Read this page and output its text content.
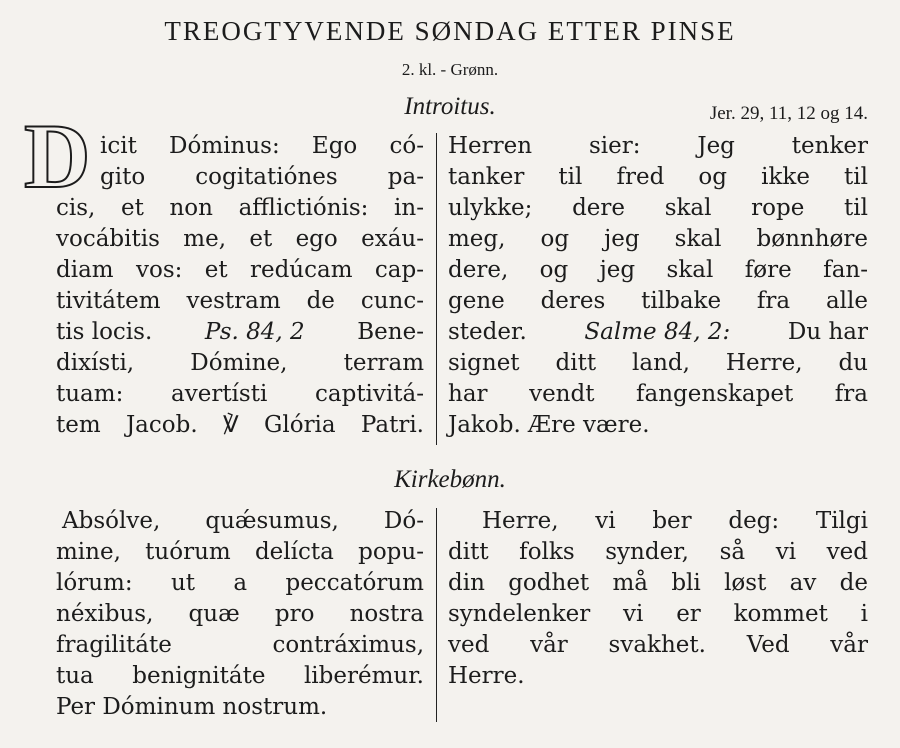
TREOGTYVENDE SØNDAG ETTER PINSE
2. kl. - Grønn.
Introitus.	Jer. 29, 11, 12 og 14.
D icit Dóminus: Ego có-
gito cogitatiónes pa-
cis, et non afflictiónis: in-
vocábitis me, et ego exáu-
diam vos: et redúcam cap-
tivitátem vestram de cunc-
tis locis. Ps. 84, 2 Bene-
dixísti, Dómine, terram
tuam: avertísti captivitá-
tem Jacob. ℣ Glória Patri.
Herren sier: Jeg tenker
tanker til fred og ikke til
ulykke; dere skal rope til
meg, og jeg skal bønnhøre
dere, og jeg skal føre fan-
gene deres tilbake fra alle
steder.	Salme 84, 2:	Du har
signet ditt land, Herre, du
har vendt fangenskapet fra
Jakob. Ære være.
Kirkebønn.
Absólve, quǽsumus, Dó-
mine, tuórum delícta popu-
lórum: ut a peccatórum
néxibus, quæ pro nostra
fragilitáte contráximus,
tua benignitáte liberémur.
Per Dóminum nostrum.
Herre, vi ber deg: Tilgi
ditt folks synder, så vi ved
din godhet må bli løst av de
syndelenker vi er kommet i
ved vår svakhet. Ved vår
Herre.
